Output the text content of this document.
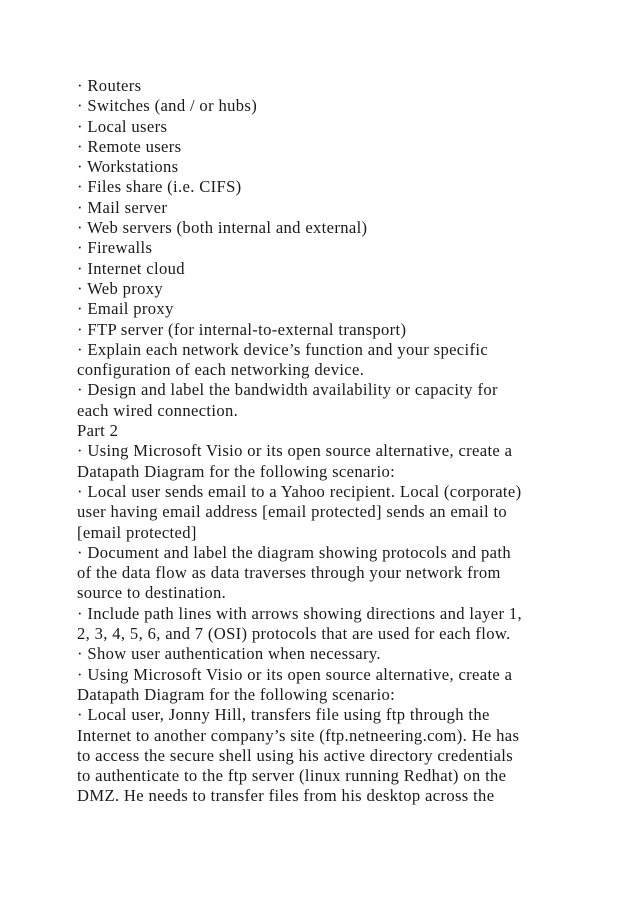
· Routers
· Switches (and / or hubs)
· Local users
· Remote users
· Workstations
· Files share (i.e. CIFS)
· Mail server
· Web servers (both internal and external)
· Firewalls
· Internet cloud
· Web proxy
· Email proxy
· FTP server (for internal-to-external transport)
· Explain each network device’s function and your specific
configuration of each networking device.
· Design and label the bandwidth availability or capacity for
each wired connection.
Part 2
· Using Microsoft Visio or its open source alternative, create a
Datapath Diagram for the following scenario:
· Local user sends email to a Yahoo recipient. Local (corporate)
user having email address [email protected] sends an email to
[email protected]
· Document and label the diagram showing protocols and path
of the data flow as data traverses through your network from
source to destination.
· Include path lines with arrows showing directions and layer 1,
2, 3, 4, 5, 6, and 7 (OSI) protocols that are used for each flow.
· Show user authentication when necessary.
· Using Microsoft Visio or its open source alternative, create a
Datapath Diagram for the following scenario:
· Local user, Jonny Hill, transfers file using ftp through the
Internet to another company’s site (ftp.netneering.com). He has
to access the secure shell using his active directory credentials
to authenticate to the ftp server (linux running Redhat) on the
DMZ. He needs to transfer files from his desktop across the
